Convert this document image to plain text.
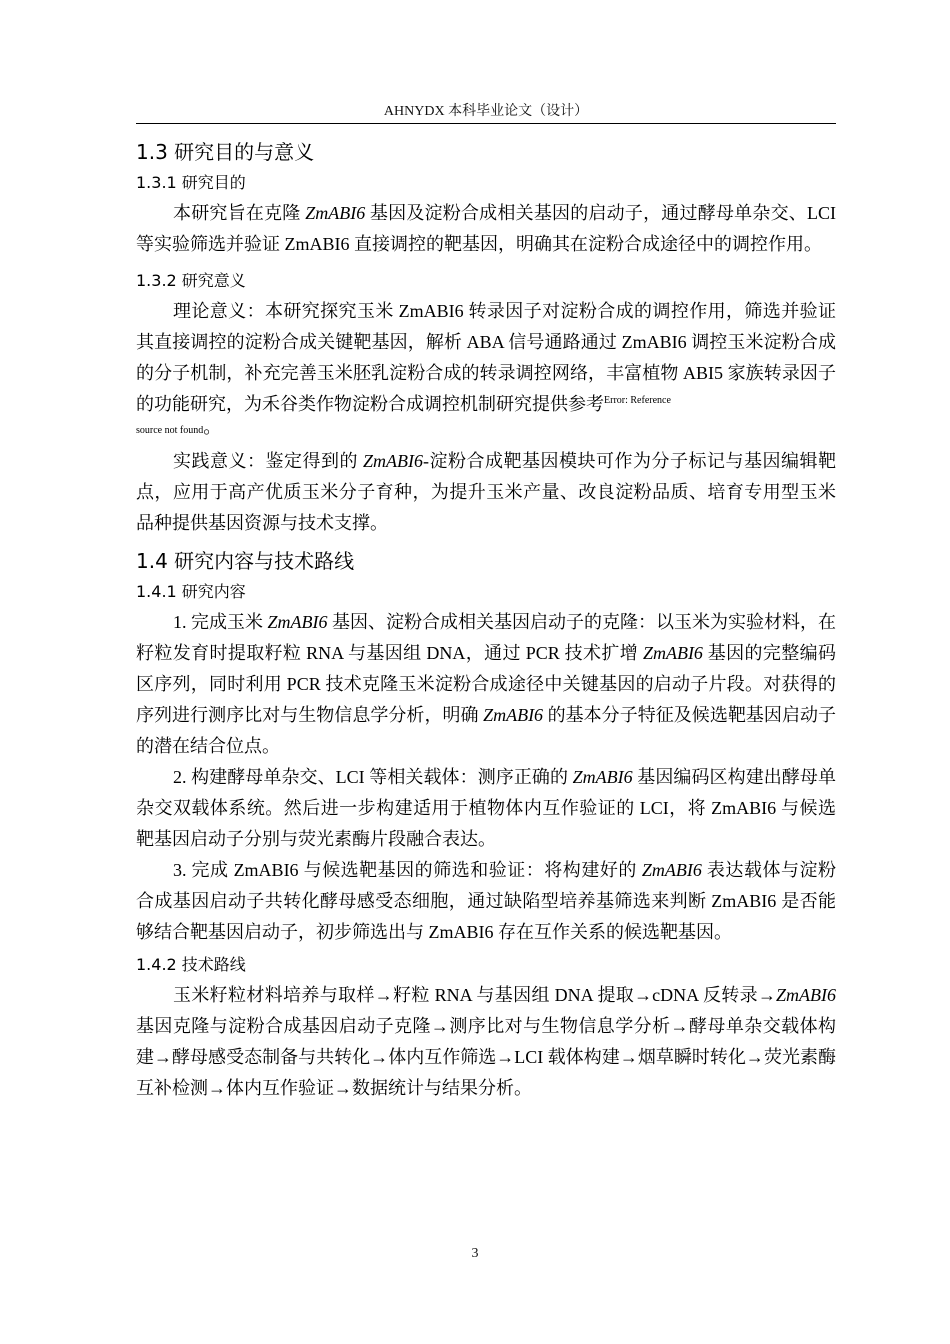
AHNYDX 本科毕业论文（设计）

1.3 研究目的与意义

1.3.1 研究目的

本研究旨在克隆 ZmABI6 基因及淀粉合成相关基因的启动子，通过酵母单杂交、LCI 等实验筛选并验证 ZmABI6 直接调控的靶基因，明确其在淀粉合成途径中的调控作用。

1.3.2 研究意义

理论意义：本研究探究玉米 ZmABI6 转录因子对淀粉合成的调控作用，筛选并验证其直接调控的淀粉合成关键靶基因，解析 ABA 信号通路通过 ZmABI6 调控玉米淀粉合成的分子机制，补充完善玉米胚乳淀粉合成的转录调控网络，丰富植物 ABI5 家族转录因子的功能研究，为禾谷类作物淀粉合成调控机制研究提供参考$^{Error: Reference}$

source not found。

实践意义：鉴定得到的 ZmABI6-淀粉合成靶基因模块可作为分子标记与基因编辑靶点，应用于高产优质玉米分子育种，为提升玉米产量、改良淀粉品质、培育专用型玉米品种提供基因资源与技术支撑。

1.4 研究内容与技术路线

1.4.1 研究内容

1. 完成玉米 ZmABI6 基因、淀粉合成相关基因启动子的克隆：以玉米为实验材料，在籽粒发育时提取籽粒 RNA 与基因组 DNA，通过 PCR 技术扩增 ZmABI6 基因的完整编码区序列，同时利用 PCR 技术克隆玉米淀粉合成途径中关键基因的启动子片段。对获得的序列进行测序比对与生物信息学分析，明确 ZmABI6 的基本分子特征及候选靶基因启动子的潜在结合位点。

2. 构建酵母单杂交、LCI 等相关载体：测序正确的 ZmABI6 基因编码区构建出酵母单杂交双载体系统。然后进一步构建适用于植物体内互作验证的 LCI，将 ZmABI6 与候选靶基因启动子分别与荧光素酶片段融合表达。

3. 完成 ZmABI6 与候选靶基因的筛选和验证：将构建好的 ZmABI6 表达载体与淀粉合成基因启动子共转化酵母感受态细胞，通过缺陷型培养基筛选来判断 ZmABI6 是否能够结合靶基因启动子，初步筛选出与 ZmABI6 存在互作关系的候选靶基因。

1.4.2 技术路线

玉米籽粒材料培养与取样→籽粒 RNA 与基因组 DNA 提取→cDNA 反转录→ZmABI6 基因克隆与淀粉合成基因启动子克隆→测序比对与生物信息学分析→酵母单杂交载体构建→酵母感受态制备与共转化→体内互作筛选→LCI 载体构建→烟草瞬时转化→荧光素酶互补检测→体内互作验证→数据统计与结果分析。

3
